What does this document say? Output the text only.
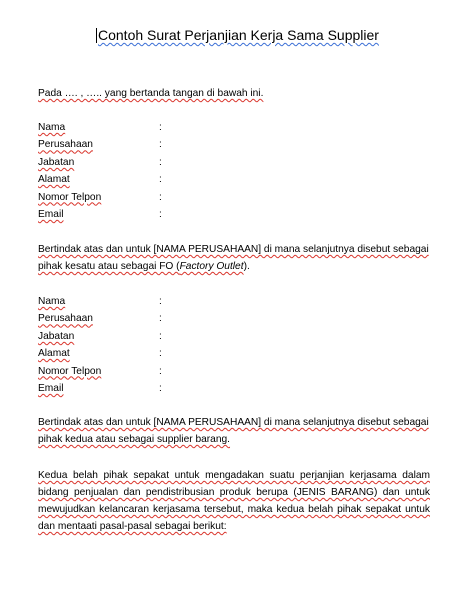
Contoh Surat Perjanjian Kerja Sama Supplier
Pada …. , ….. yang bertanda tangan di bawah ini.
Nama	:
Perusahaan	:
Jabatan	:
Alamat	:
Nomor Telpon	:
Email	:
Bertindak atas dan untuk [NAMA PERUSAHAAN] di mana selanjutnya disebut sebagai
pihak kesatu atau sebagai FO (Factory Outlet).
Nama	:
Perusahaan	:
Jabatan	:
Alamat	:
Nomor Telpon	:
Email	:
Bertindak atas dan untuk [NAMA PERUSAHAAN] di mana selanjutnya disebut sebagai
pihak kedua atau sebagai supplier barang.
Kedua belah pihak sepakat untuk mengadakan suatu perjanjian kerjasama dalam
bidang penjualan dan pendistribusian produk berupa (JENIS BARANG) dan untuk
mewujudkan kelancaran kerjasama tersebut, maka kedua belah pihak sepakat untuk
dan mentaati pasal-pasal sebagai berikut:
